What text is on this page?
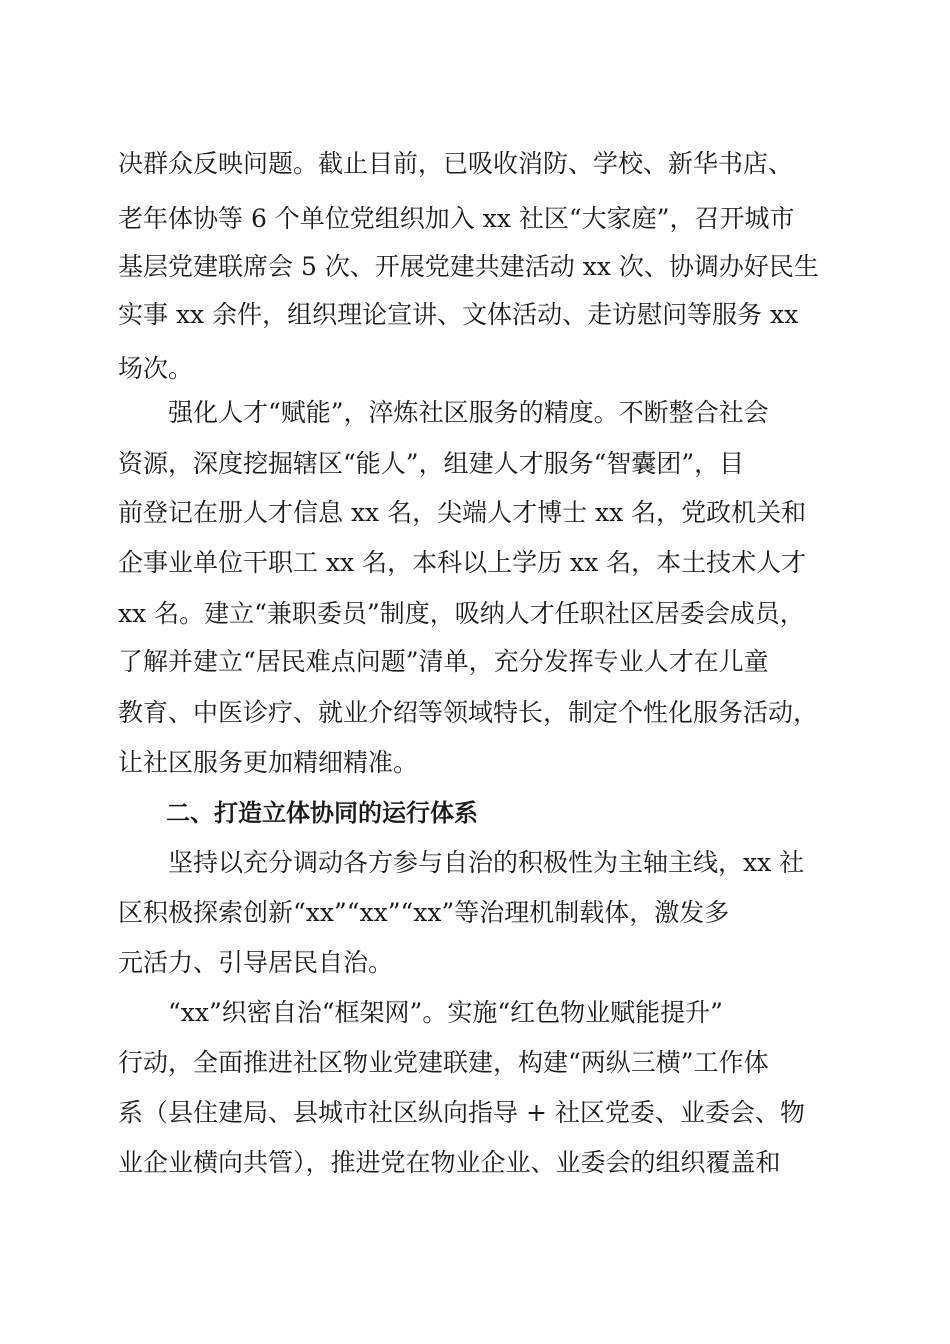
决群众反映问题。截止目前，已吸收消防、学校、新华书店、
老年体协等 6 个单位党组织加入 xx 社区“大家庭”，召开城市
基层党建联席会 5 次、开展党建共建活动 xx 次、协调办好民生
实事 xx 余件，组织理论宣讲、文体活动、走访慰问等服务 xx
场次。
　　强化人才“赋能”，淬炼社区服务的精度。不断整合社会
资源，深度挖掘辖区“能人”，组建人才服务“智囊团”，目
前登记在册人才信息 xx 名，尖端人才博士 xx 名，党政机关和
企事业单位干职工 xx 名，本科以上学历 xx 名，本土技术人才
xx 名。建立“兼职委员”制度，吸纳人才任职社区居委会成员，
了解并建立“居民难点问题”清单，充分发挥专业人才在儿童
教育、中医诊疗、就业介绍等领域特长，制定个性化服务活动，
让社区服务更加精细精准。
　　二、打造立体协同的运行体系
　　坚持以充分调动各方参与自治的积极性为主轴主线，xx 社
区积极探索创新“xx”“xx”“xx”等治理机制载体，激发多
元活力、引导居民自治。
　　“xx”织密自治“框架网”。实施“红色物业赋能提升”
行动，全面推进社区物业党建联建，构建“两纵三横”工作体
系（县住建局、县城市社区纵向指导 + 社区党委、业委会、物
业企业横向共管），推进党在物业企业、业委会的组织覆盖和
